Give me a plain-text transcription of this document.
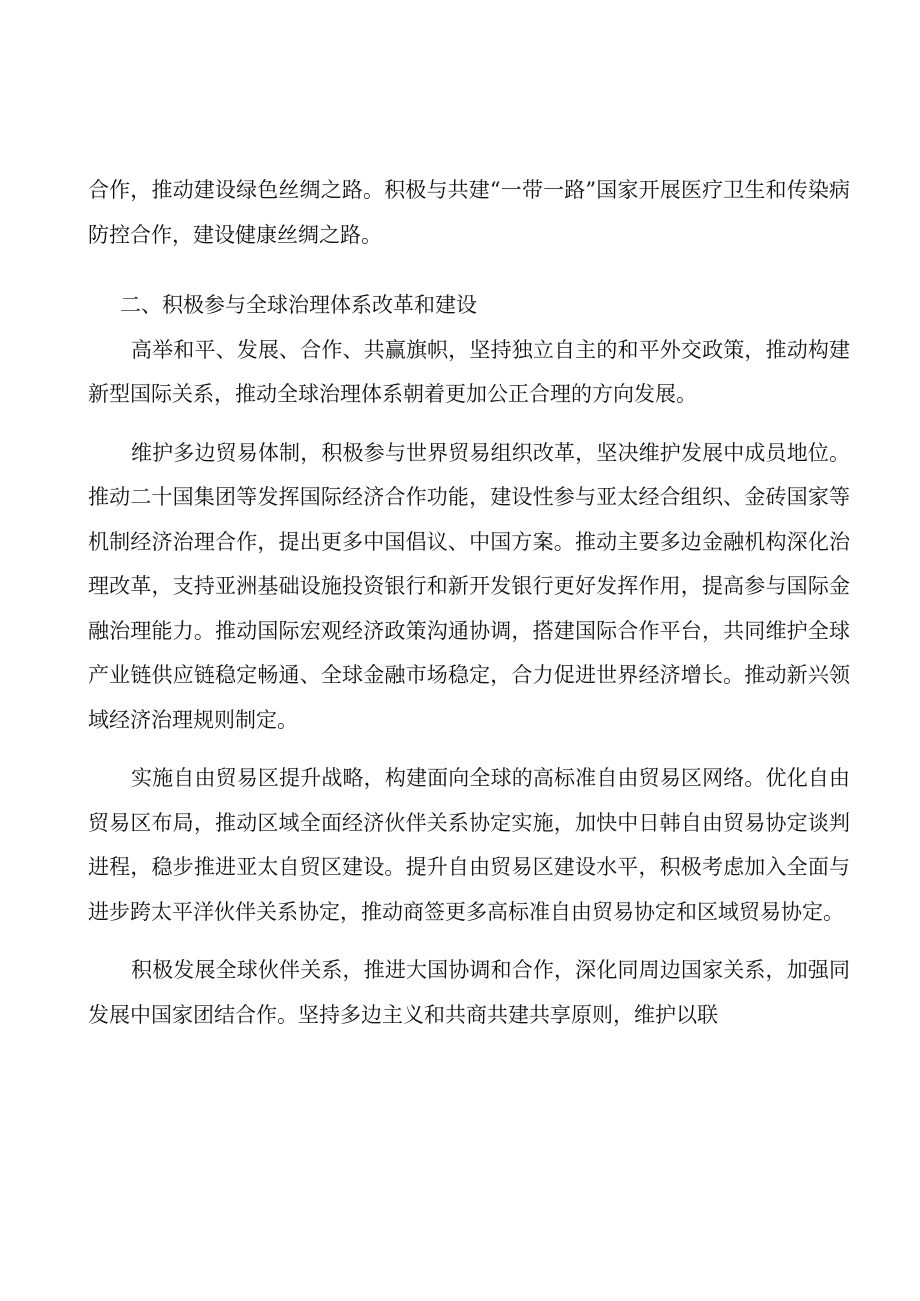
合作，推动建设绿色丝绸之路。积极与共建“一带一路”国家开展医疗卫生和传染病防控合作，建设健康丝绸之路。

二、积极参与全球治理体系改革和建设

高举和平、发展、合作、共赢旗帜，坚持独立自主的和平外交政策，推动构建新型国际关系，推动全球治理体系朝着更加公正合理的方向发展。

维护多边贸易体制，积极参与世界贸易组织改革，坚决维护发展中成员地位。推动二十国集团等发挥国际经济合作功能，建设性参与亚太经合组织、金砖国家等机制经济治理合作，提出更多中国倡议、中国方案。推动主要多边金融机构深化治理改革，支持亚洲基础设施投资银行和新开发银行更好发挥作用，提高参与国际金融治理能力。推动国际宏观经济政策沟通协调，搭建国际合作平台，共同维护全球产业链供应链稳定畅通、全球金融市场稳定，合力促进世界经济增长。推动新兴领域经济治理规则制定。

实施自由贸易区提升战略，构建面向全球的高标准自由贸易区网络。优化自由贸易区布局，推动区域全面经济伙伴关系协定实施，加快中日韩自由贸易协定谈判进程，稳步推进亚太自贸区建设。提升自由贸易区建设水平，积极考虑加入全面与进步跨太平洋伙伴关系协定，推动商签更多高标准自由贸易协定和区域贸易协定。

积极发展全球伙伴关系，推进大国协调和合作，深化同周边国家关系，加强同发展中国家团结合作。坚持多边主义和共商共建共享原则，维护以联
